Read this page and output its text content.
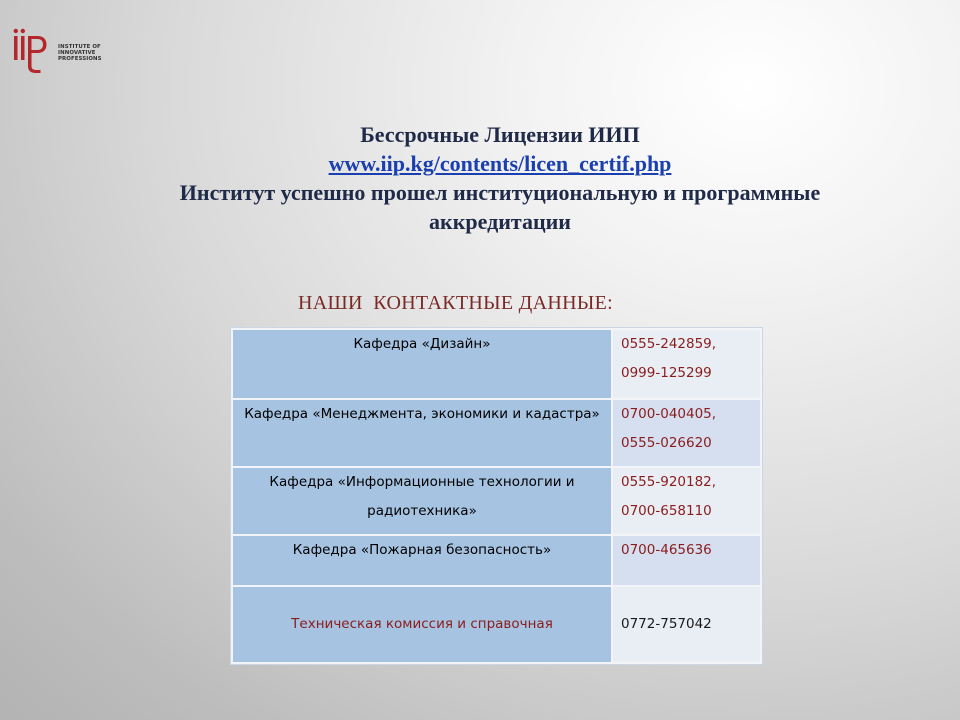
INSTITUTE OF
INNOVATIVE
PROFESSIONS
Бессрочные Лицензии ИИП
www.iip.kg/contents/licen_certif.php
Институт успешно прошел институциональную и программные
аккредитации
НАШИ  КОНТАКТНЫЕ ДАННЫЕ:
Кафедра «Дизайн»	0555-242859,
0999-125299

Кафедра «Менеджмента, экономики и кадастра»	0700-040405,
0555-026620

Кафедра «Информационные технологии и радиотехника»	0555-920182,
0700-658110

Кафедра «Пожарная безопасность»	0700-465636

Техническая комиссия и справочная	0772-757042
